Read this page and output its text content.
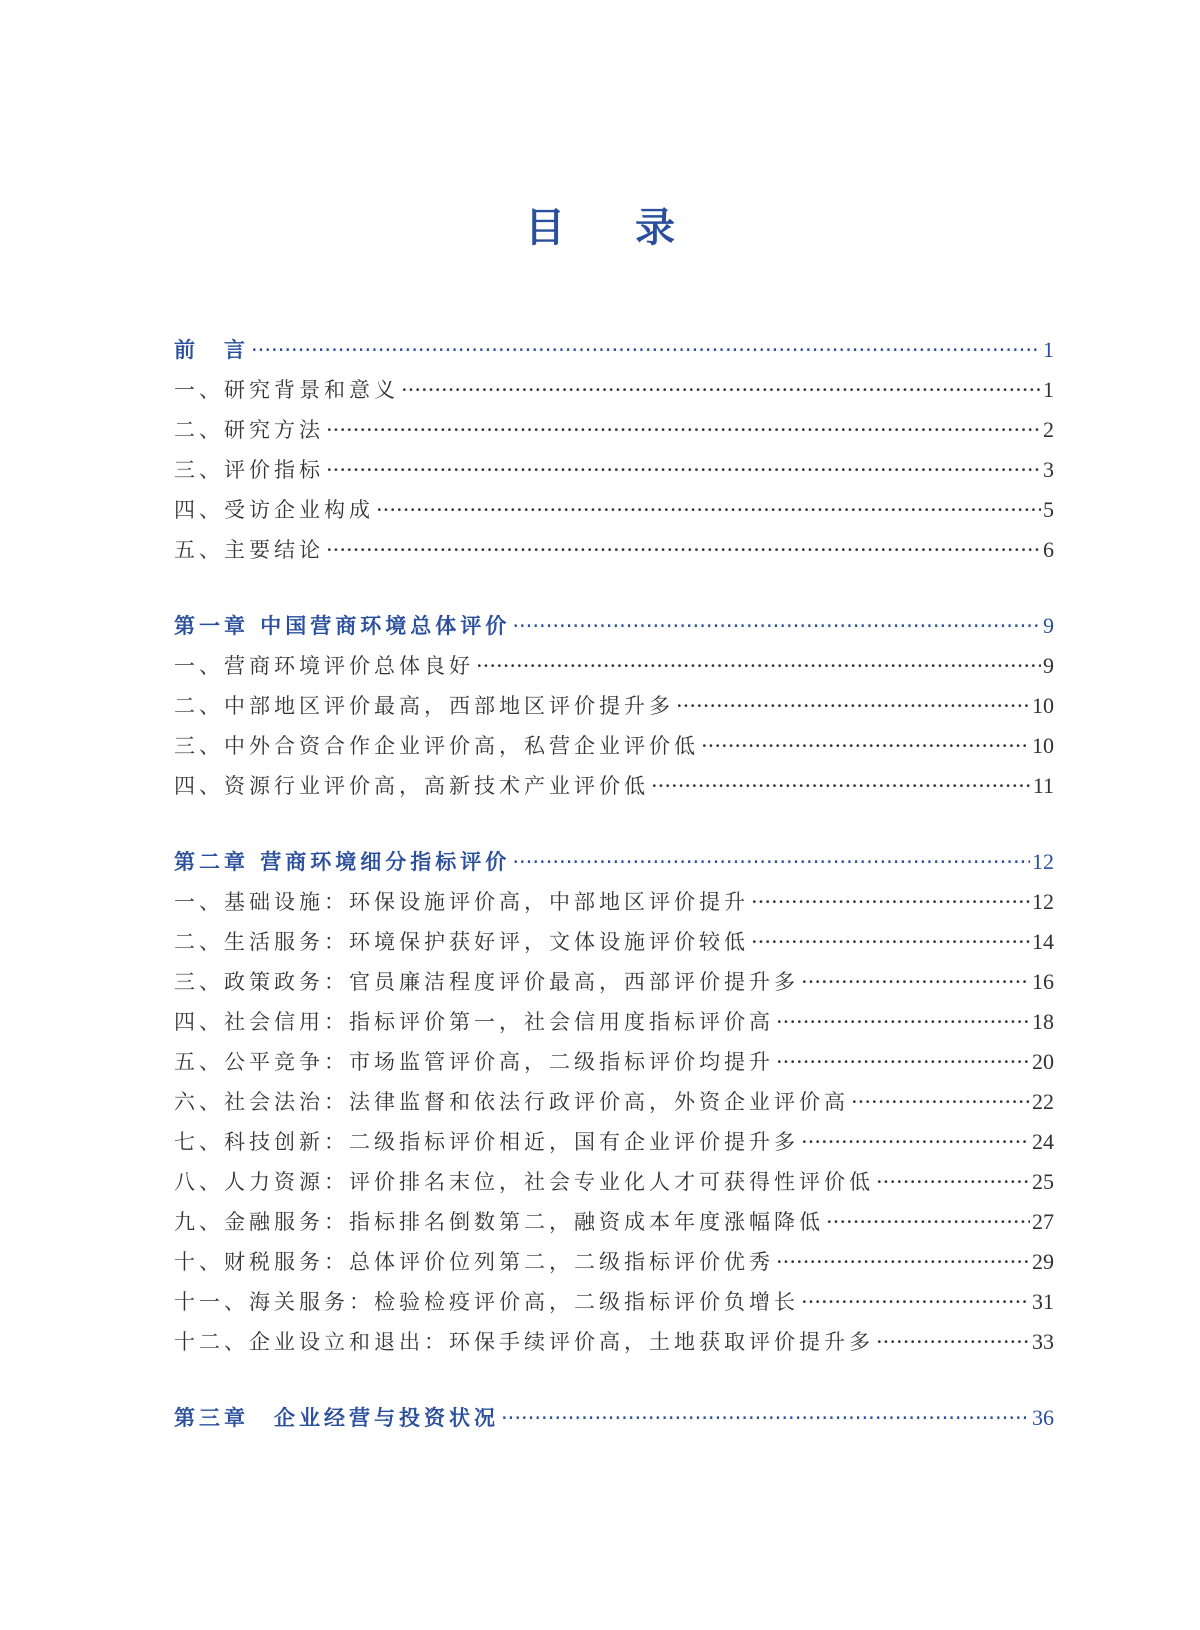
目 录
前　言 ·····	1
一、研究背景和意义 ·····	1
二、研究方法 ·····	2
三、评价指标 ·····	3
四、受访企业构成 ·····	5
五、主要结论 ·····	6
第一章 中国营商环境总体评价 ·····	9
一、营商环境评价总体良好 ·····	9
二、中部地区评价最高，西部地区评价提升多 ·····	10
三、中外合资合作企业评价高，私营企业评价低 ·····	10
四、资源行业评价高，高新技术产业评价低 ·····	11
第二章 营商环境细分指标评价 ·····	12
一、基础设施：环保设施评价高，中部地区评价提升 ·····	12
二、生活服务：环境保护获好评，文体设施评价较低 ·····	14
三、政策政务：官员廉洁程度评价最高，西部评价提升多 ·····	16
四、社会信用：指标评价第一，社会信用度指标评价高 ·····	18
五、公平竞争：市场监管评价高，二级指标评价均提升 ·····	20
六、社会法治：法律监督和依法行政评价高，外资企业评价高 ·····	22
七、科技创新：二级指标评价相近，国有企业评价提升多 ·····	24
八、人力资源：评价排名末位，社会专业化人才可获得性评价低 ·····	25
九、金融服务：指标排名倒数第二，融资成本年度涨幅降低 ·····	27
十、财税服务：总体评价位列第二，二级指标评价优秀 ·····	29
十一、海关服务：检验检疫评价高，二级指标评价负增长 ·····	31
十二、企业设立和退出：环保手续评价高，土地获取评价提升多 ·····	33
第三章　企业经营与投资状况 ·····	36
